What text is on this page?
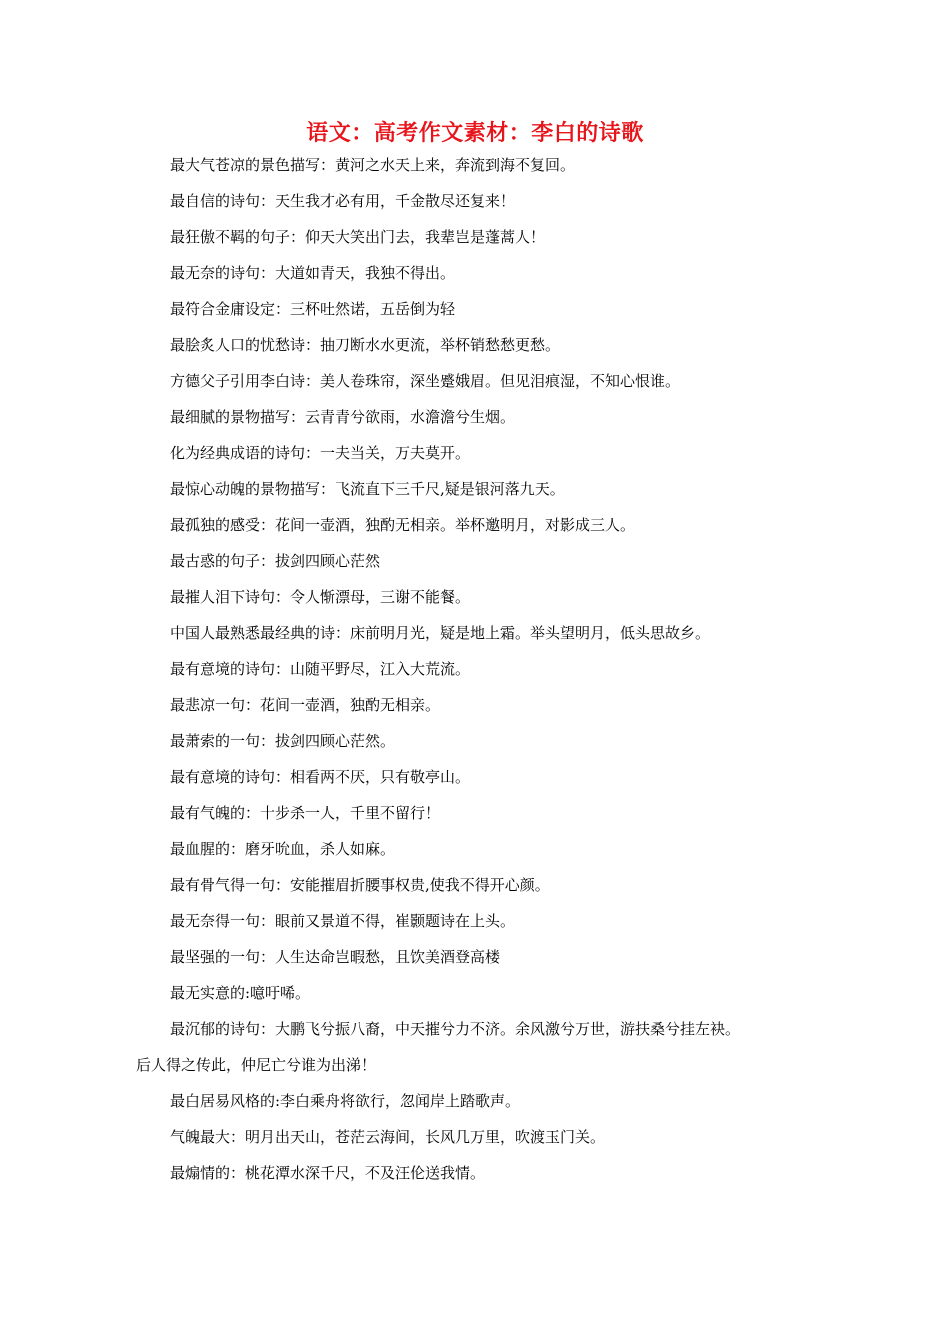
语文：高考作文素材：李白的诗歌
最大气苍凉的景色描写：黄河之水天上来，奔流到海不复回。
最自信的诗句：天生我才必有用，千金散尽还复来！
最狂傲不羁的句子：仰天大笑出门去，我辈岂是蓬蒿人！
最无奈的诗句：大道如青天，我独不得出。
最符合金庸设定：三杯吐然诺，五岳倒为轻
最脍炙人口的忧愁诗：抽刀断水水更流，举杯销愁愁更愁。
方德父子引用李白诗：美人卷珠帘，深坐蹙娥眉。但见泪痕湿，不知心恨谁。
最细腻的景物描写：云青青兮欲雨，水澹澹兮生烟。
化为经典成语的诗句：一夫当关，万夫莫开。
最惊心动魄的景物描写：飞流直下三千尺,疑是银河落九天。
最孤独的感受：花间一壶酒，独酌无相亲。举杯邀明月，对影成三人。
最古惑的句子：拔剑四顾心茫然
最摧人泪下诗句：令人惭漂母，三谢不能餐。
中国人最熟悉最经典的诗：床前明月光，疑是地上霜。举头望明月，低头思故乡。
最有意境的诗句：山随平野尽，江入大荒流。
最悲凉一句：花间一壶酒，独酌无相亲。
最萧索的一句：拔剑四顾心茫然。
最有意境的诗句：相看两不厌，只有敬亭山。
最有气魄的：十步杀一人，千里不留行！
最血腥的：磨牙吮血，杀人如麻。
最有骨气得一句：安能摧眉折腰事权贵,使我不得开心颜。
最无奈得一句：眼前又景道不得，崔颢题诗在上头。
最坚强的一句：人生达命岂暇愁，且饮美酒登高楼
最无实意的:噫吁唏。
最沉郁的诗句：大鹏飞兮振八裔，中天摧兮力不济。余风激兮万世，游扶桑兮挂左袂。
后人得之传此，仲尼亡兮谁为出涕！
最白居易风格的:李白乘舟将欲行，忽闻岸上踏歌声。
气魄最大：明月出天山，苍茫云海间，长风几万里，吹渡玉门关。
最煽情的：桃花潭水深千尺，不及汪伦送我情。
